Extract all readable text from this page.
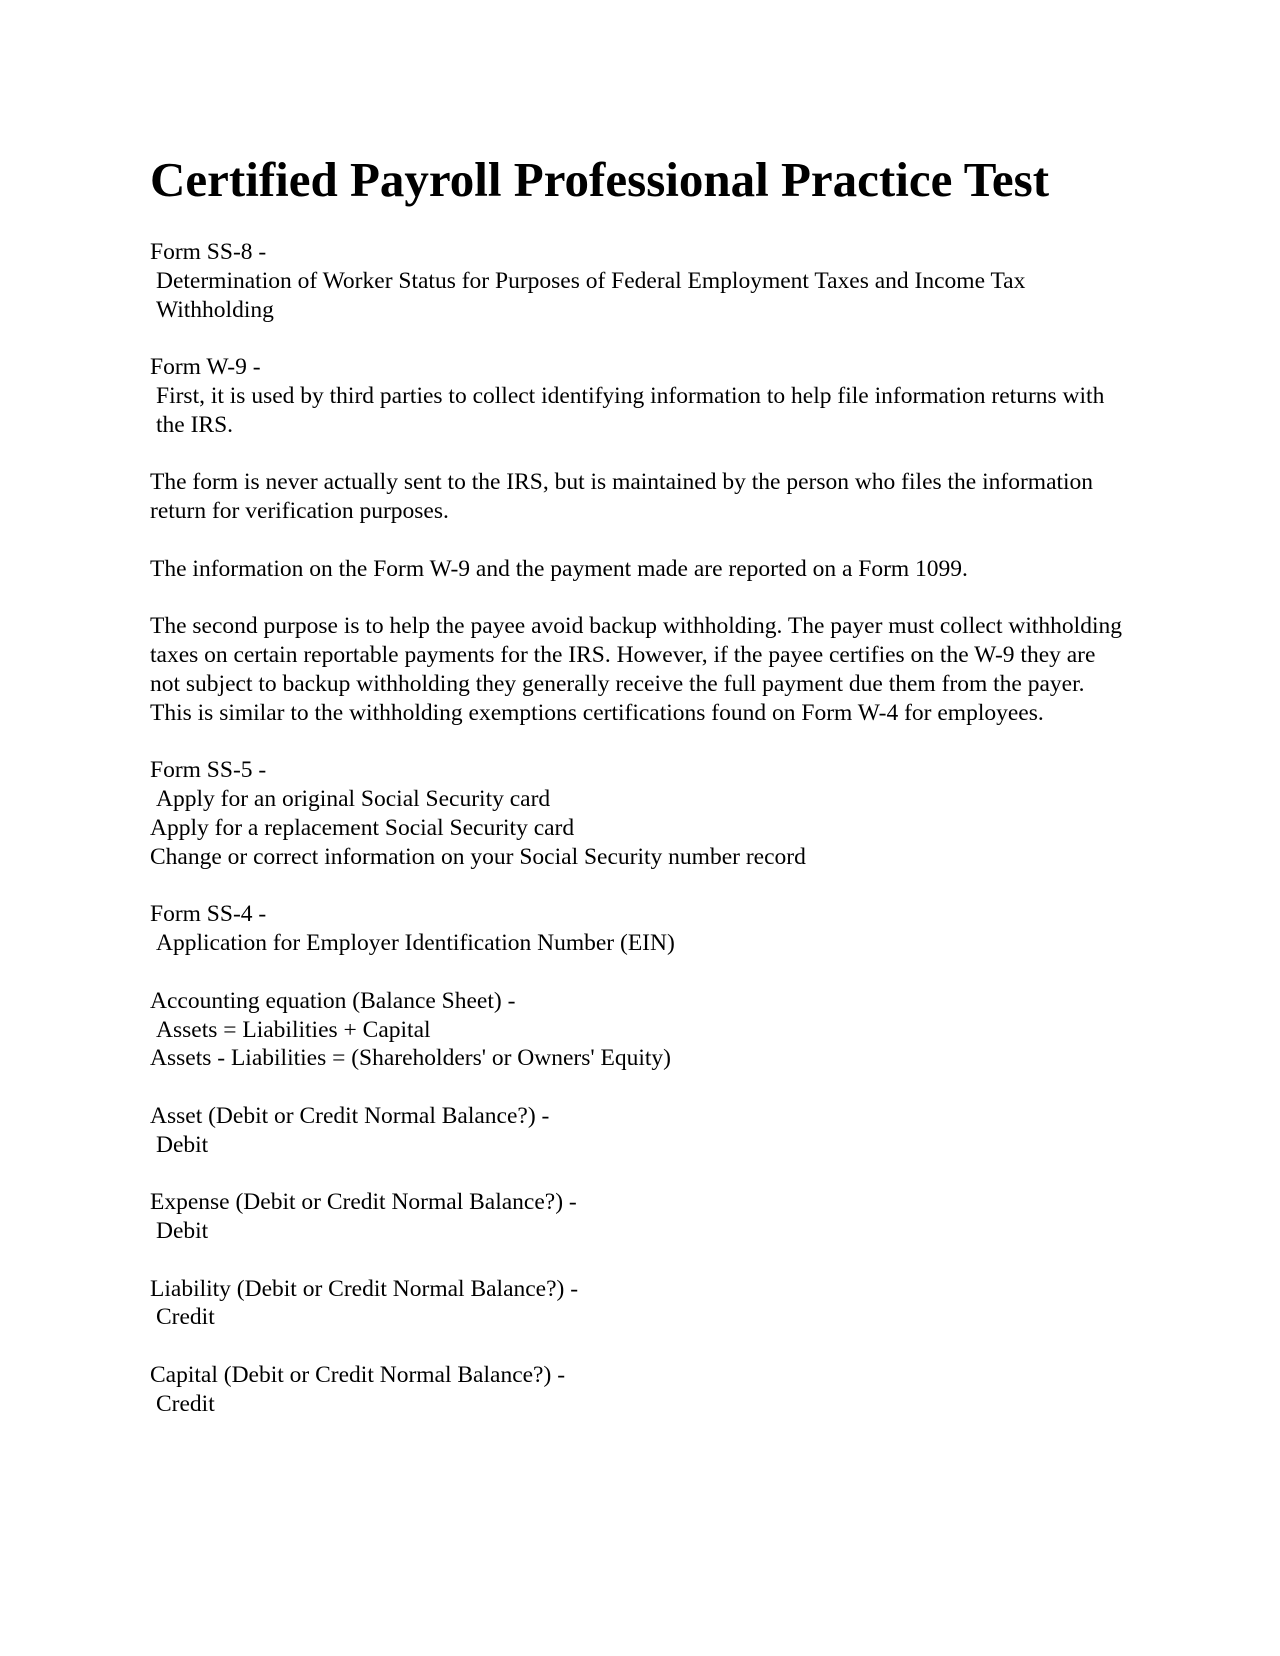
Certified Payroll Professional Practice Test

Form SS-8 -

Determination of Worker Status for Purposes of Federal Employment Taxes and Income Tax Withholding

Form W-9 -

First, it is used by third parties to collect identifying information to help file information returns with the IRS.

The form is never actually sent to the IRS, but is maintained by the person who files the information return for verification purposes.

The information on the Form W-9 and the payment made are reported on a Form 1099.

The second purpose is to help the payee avoid backup withholding. The payer must collect withholding taxes on certain reportable payments for the IRS. However, if the payee certifies on the W-9 they are not subject to backup withholding they generally receive the full payment due them from the payer. This is similar to the withholding exemptions certifications found on Form W-4 for employees.

Form SS-5 -

Apply for an original Social Security card

Apply for a replacement Social Security card

Change or correct information on your Social Security number record

Form SS-4 -

Application for Employer Identification Number (EIN)

Accounting equation (Balance Sheet) -

Assets = Liabilities + Capital

Assets - Liabilities = (Shareholders' or Owners' Equity)

Asset (Debit or Credit Normal Balance?) -

Debit

Expense (Debit or Credit Normal Balance?) -

Debit

Liability (Debit or Credit Normal Balance?) -

Credit

Capital (Debit or Credit Normal Balance?) -

Credit
